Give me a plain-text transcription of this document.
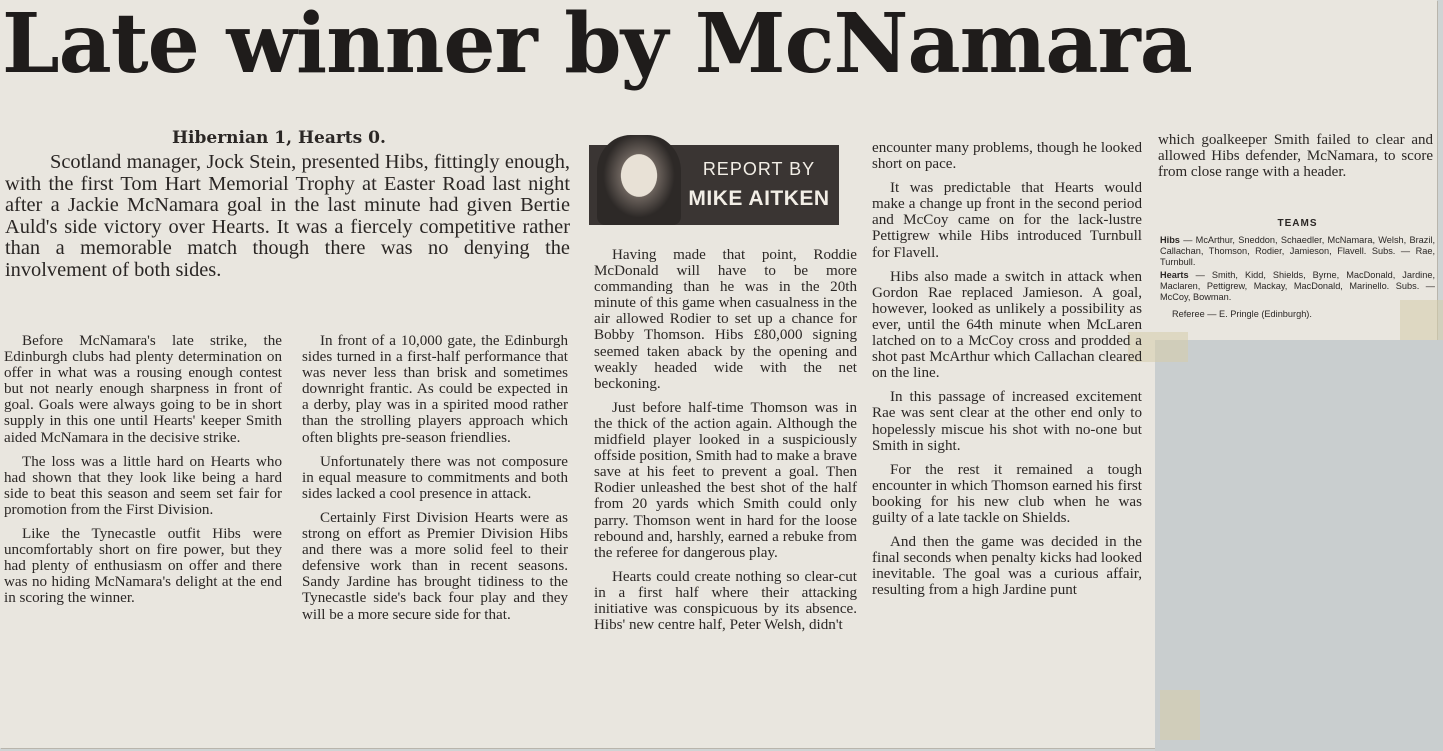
Late winner by McNamara
Hibernian 1, Hearts 0.
Scotland manager, Jock Stein, presented Hibs, fittingly enough, with the first Tom Hart Memorial Trophy at Easter Road last night after a Jackie McNamara goal in the last minute had given Bertie Auld's side victory over Hearts. It was a fiercely competitive rather than a memorable match though there was no denying the involvement of both sides.
REPORT BY
MIKE AITKEN

Before McNamara's late strike, the Edinburgh clubs had plenty determination on offer in what was a rousing enough contest but not nearly enough sharpness in front of goal. Goals were always going to be in short supply in this one until Hearts' keeper Smith aided McNamara in the decisive strike.

The loss was a little hard on Hearts who had shown that they look like being a hard side to beat this season and seem set fair for promotion from the First Division.

Like the Tynecastle outfit Hibs were uncomfortably short on fire power, but they had plenty of enthusiasm on offer and there was no hiding McNamara's delight at the end in scoring the winner.

In front of a 10,000 gate, the Edinburgh sides turned in a first-half performance that was never less than brisk and sometimes downright frantic. As could be expected in a derby, play was in a spirited mood rather than the strolling players approach which often blights pre-season friendlies.

Unfortunately there was not composure in equal measure to commitments and both sides lacked a cool presence in attack.

Certainly First Division Hearts were as strong on effort as Premier Division Hibs and there was a more solid feel to their defensive work than in recent seasons. Sandy Jardine has brought tidiness to the Tynecastle side's back four play and they will be a more secure side for that.

Having made that point, Roddie McDonald will have to be more commanding than he was in the 20th minute of this game when casualness in the air allowed Rodier to set up a chance for Bobby Thomson. Hibs £80,000 signing seemed taken aback by the opening and weakly headed wide with the net beckoning.

Just before half-time Thomson was in the thick of the action again. Although the midfield player looked in a suspiciously offside position, Smith had to make a brave save at his feet to prevent a goal. Then Rodier unleashed the best shot of the half from 20 yards which Smith could only parry. Thomson went in hard for the loose rebound and, harshly, earned a rebuke from the referee for dangerous play.

Hearts could create nothing so clear-cut in a first half where their attacking initiative was conspicuous by its absence. Hibs' new centre half, Peter Welsh, didn't

encounter many problems, though he looked short on pace.

It was predictable that Hearts would make a change up front in the second period and McCoy came on for the lack-lustre Pettigrew while Hibs introduced Turnbull for Flavell.

Hibs also made a switch in attack when Gordon Rae replaced Jamieson. A goal, however, looked as unlikely a possibility as ever, until the 64th minute when McLaren latched on to a McCoy cross and prodded a shot past McArthur which Callachan cleared on the line.

In this passage of increased excitement Rae was sent clear at the other end only to hopelessly miscue his shot with no-one but Smith in sight.

For the rest it remained a tough encounter in which Thomson earned his first booking for his new club when he was guilty of a late tackle on Shields.

And then the game was decided in the final seconds when penalty kicks had looked inevitable. The goal was a curious affair, resulting from a high Jardine punt

which goalkeeper Smith failed to clear and allowed Hibs defender, McNamara, to score from close range with a header.

TEAMS

Hibs — McArthur, Sneddon, Schaedler, McNamara, Welsh, Brazil, Callachan, Thomson, Rodier, Jamieson, Flavell. Subs. — Rae, Turnbull.

Hearts — Smith, Kidd, Shields, Byrne, MacDonald, Jardine, Maclaren, Pettigrew, Mackay, MacDonald, Marinello. Subs. — McCoy, Bowman.

Referee — E. Pringle (Edinburgh).
